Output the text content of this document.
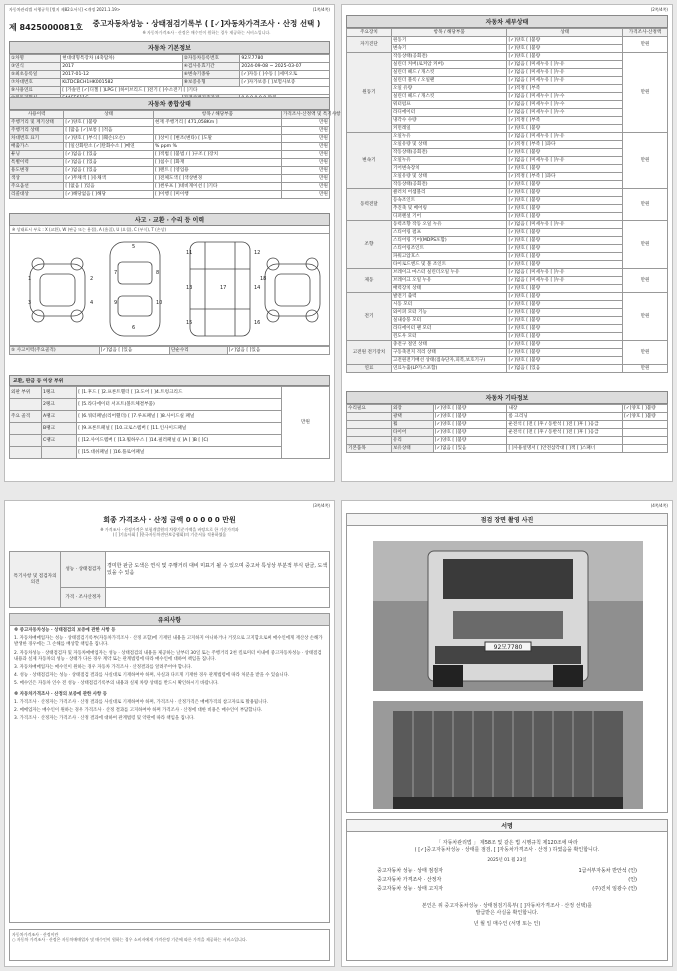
자동차관리법 시행규칙 [별지 제82호서식] <개정 2021.1.19>	(1쪽/4쪽)
제 8425000081호	중고자동차성능 · 상태점검기록부 ( [✓]자동차가격조사 · 산정 선택 )
※ 자동차가격조사 · 산정은 매수인이 원하는 경우 제공하는 서비스입니다.
자동차 기본정보
①차명	현대대형특장차 (4축탑차)	②자동차등록번호	92모7780
③연식	2017	④검사유효기간	2024-09-08 ~ 2025-03-07
⑤최초등록일	2017-01-12	⑥변속기종류	[✓]자동 [ ]수동 [ ]세미오토
⑦차대번호	KLTDCBCH1HK001582	⑧보증유형	[✓]자가보증 [ ]보험사보증
⑨사용연료	[ ]가솔린 [✓]디젤 [ ]LPG [ ]하이브리드 [ ]전기 [ ]수소전기 [ ]기타		

자동차 종합상태
사용이력	상태	항목 / 해당부품	가격조사·산정액 및 특기사항
주행거리 및 계기상태	[✓]양호 [ ]불량	현재 주행거리 [ 471,058Km ]	만원
주행거리 상태	[ ]많음 [✓]보통 [ ]적음		만원
차대번호 표기	[✓]양호 [ ]부식 [ ]훼손(오손)	[ ]상이 [ ]변조(변타) [ ]도말	만원
배출가스	[ ]일산화탄소 [✓]탄화수소 [ ]매연	% ppm %	만원
튜닝	[✓]없음 [ ]있음	[ ]적법 [ ]불법 / [ ]구조 [ ]장치	만원
특별이력	[✓]없음 [ ]있음	[ ]침수 [ ]화재	만원
용도변경	[✓]없음 [ ]있음	[ ]렌트 [ ]영업용	만원
색상	[✓]무채색 [ ]유채색	[ ]전체도색 [ ]색상변경	만원
주요옵션	[ ]없음 [ ]있음	[ ]썬루프 [ ]네비게이션 [ ]기타	만원
리콜대상	[✓]해당없음 [ ]해당	[ ]이행 [ ]미이행	만원
사고 · 교환 · 수리 등 이력
※ 상태표시 부호 : X (교환), W (판금 또는 용접), A (흠집), U (요철), C (부식), T (손상)
1	2
3	4
5
6
7	8
9	10
11	12
13	14
15	16
17
18
⑤ 사고이력(주요골격)	[✓]없음 [ ]있음	단순수리	[✓]없음 [ ]있음
교환, 판금 등 이상 부위
외판 부위	1랭크	[ ]1.후드 [ ]2.프론트휀더 [ ]3.도어 [ ]4.트렁크리드	만원
	2랭크	[ ]5.라디에이터 서포트(볼트체결부품)	
주요 골격	A랭크	[ ]6.쿼터패널(리어휀더) [ ]7.루프패널 [ ]8.사이드실 패널	
	B랭크	[ ]9.프론트패널 [ ]10.크로스멤버 [ ]11.인사이드패널	
	C랭크	[ ]12.사이드멤버 [ ]13.휠하우스 [ ]14.필러패널 ([ ]A [ ]B [ ]C)	
		[ ]15.대쉬패널 [ ]16.플로어패널	
(2쪽/4쪽)
자동차 세부상태
주요장치	항목 / 해당부품	상태	가격조사·산정액
자기진단	원동기	[✓]양호 [ ]불량	만원
	변속기	[✓]양호 [ ]불량	
원동기	작동상태(공회전)	[✓]양호 [ ]불량	만원
	실린더 커버(로커암 커버)	[✓]없음 [ ]미세누유 [ ]누유	
	실린더 헤드 / 개스킷	[✓]없음 [ ]미세누유 [ ]누유	
	실린더 블록 / 오일팬	[✓]없음 [ ]미세누유 [ ]누유	
	오일 유량	[✓]적정 [ ]부족	
	실린더 헤드 / 개스킷	[✓]없음 [ ]미세누수 [ ]누수	
	워터펌프	[✓]없음 [ ]미세누수 [ ]누수	
	라디에이터	[✓]없음 [ ]미세누수 [ ]누수	
	냉각수 수량	[✓]적정 [ ]부족	
	커먼레일	[✓]양호 [ ]불량	
변속기	오일누유	[✓]없음 [ ]미세누유 [ ]누유	만원
	오일유량 및 상태	[✓]적정 [ ]부족 [ ]과다	
	작동상태(공회전)	[✓]양호 [ ]불량	
	오일누유	[✓]없음 [ ]미세누유 [ ]누유	
	기어변속장치	[✓]양호 [ ]불량	
	오일유량 및 상태	[✓]적정 [ ]부족 [ ]과다	
	작동상태(공회전)	[✓]양호 [ ]불량	
동력전달	클러치 어셈블리	[✓]양호 [ ]불량	만원
	등속조인트	[✓]양호 [ ]불량	
	추진축 및 베어링	[✓]양호 [ ]불량	
	디퍼렌셜 기어	[✓]양호 [ ]불량	
조향	동력조향 작동 오일 누유	[✓]없음 [ ]미세누유 [ ]누유	만원
	스티어링 펌프	[✓]양호 [ ]불량	
	스티어링 기어(MDPS포함)	[✓]양호 [ ]불량	
	스티어링조인트	[✓]양호 [ ]불량	
	파워고압호스	[✓]양호 [ ]불량	
	타이로드엔드 및 볼 조인트	[✓]양호 [ ]불량	
제동	브레이크 마스터 실린더오일 누유	[✓]없음 [ ]미세누유 [ ]누유	만원
	브레이크 오일 누유	[✓]없음 [ ]미세누유 [ ]누유	
	배력장치 상태	[✓]양호 [ ]불량	
전기	발전기 출력	[✓]양호 [ ]불량	만원
	시동 모터	[✓]양호 [ ]불량	
	와이퍼 모터 기능	[✓]양호 [ ]불량	
	실내송풍 모터	[✓]양호 [ ]불량	
	라디에이터 팬 모터	[✓]양호 [ ]불량	
	윈도우 모터	[✓]양호 [ ]불량	
고전원 전기장치	충전구 절연 상태	[✓]양호 [ ]불량	만원
	구동축전지 격리 상태	[✓]양호 [ ]불량	
	고전원전기배선 상태(접속단자,피복,보호기구)	[✓]양호 [ ]불량	
연료	연료누출(LP가스포함)	[✓]없음 [ ]있음	만원
자동차 기타정보
수리필요	외장	[✓]양호 [ ]불량	내장	[✓]양호 [ ]불량
	광택	[✓]양호 [ ]불량	룸 크리닝	[✓]양호 [ ]불량
	휠	[✓]양호 [ ]불량	운전석 [ ]전 [ ]후 / 동반석 [ ]전 [ ]후 [ ]응급	
	타이어	[✓]양호 [ ]불량	운전석 [ ]전 [ ]후 / 동반석 [ ]전 [ ]후 [ ]응급	
	유리	[✓]양호 [ ]불량		
기본품목	보유상태	[✓]없음 [ ]있음	[ ]사용설명서 [ ]안전삼각대 [ ]잭 [ ]스패너	
(3쪽/4쪽)
회종 가격조사 · 산정 금액 0 0 0 0 0 만원
※ 가격조사 · 산정가격은 보험개발원의 차량기준가액을 바탕으로 한 기준가격과
( [ ]기술사회 [ ]한국자동차진단보증협회)의 기준서를 적용하였음
특기사항 및 점검자의 의견	성능 · 상태점검자	경미한 판금 도색은 연식 및 주행거리 대비 미표기 될 수 있으며 중고차 특성상 부분적 부식 판금, 도색 있을 수 있음
	가격 · 조사산정자	
유의사항
※ 중고자동차성능 · 상태점검의 보증에 관한 사항 등
1. 자동차매매업자는 성능 · 상태점검기록부(자동차가격조사 · 산정 포함)에 기재된 내용을 고지하지 아니하거나 거짓으로 고지함으로써 매수인에게 재산상 손해가 발생한 경우에는 그 손해를 배상할 책임을 집니다.
2. 자동차성능 · 상태점검자 및 자동차매매업자는 성능 · 상태점검의 내용을 제공하는 날부터 30일 또는 주행거리 2천 킬로미터 이내에 중고자동차성능 · 상태점검 내용과 실제 자동차의 성능 · 상태가 다른 경우 계약 또는 관계법령에 따라 매수인에 대하여 책임을 집니다.
3. 자동차매매업자는 매수인이 원하는 경우 자동차 가격조사 · 산정결과를 알려주어야 합니다.
4. 성능 · 상태점검자는 성능 · 상태점검 결과를 사실대로 기재하여야 하며, 사실과 다르게 기재한 경우 관계법령에 따라 처분을 받을 수 있습니다.
5. 매수인은 자동차 인수 전 성능 · 상태점검기록부의 내용과 실제 차량 상태를 반드시 확인하시기 바랍니다.
※ 자동차가격조사 · 산정의 보증에 관한 사항 등
1. 가격조사 · 산정자는 가격조사 · 산정 결과를 사실대로 기재하여야 하며, 가격조사 · 산정가격은 매매가격의 참고자료로 활용됩니다.
2. 매매업자는 매수인이 원하는 경우 가격조사 · 산정 결과를 고지하여야 하며 가격조사 · 산정에 대한 비용은 매수인이 부담합니다.
3. 가격조사 · 산정자는 가격조사 · 산정 결과에 대하여 관계법령 및 약관에 따라 책임을 집니다.
자동차가격조사 · 산정이란
○ 자동차 가격조사 · 산정은 자동차매매업자 및 매수인이 원하는 경우 소비자에게 가격산정 기준에 따른 가격을 제공하는 서비스입니다.
(4쪽/4쪽)
점검 장면 촬영 사진
92모7780
서명
「 자동차관리법 」 제58조 및 같은 법 시행규칙 제120조에 따라
( [✓]중고자동차성능 · 상태를 점검, [ ]자동차가격조사 · 산정 ) 하였음을 확인합니다.
2025년 01 월 23일
중고자동차 성능 · 상태 점검자	1급서부자동차 반안석 (인)
중고자동차 가격조사 · 산정자	(인)
중고자동차 성능 · 상태 고지자	(주)진치 임광수 (인)
본인은 위 중고자동차성능 · 상태점검기록부( [ ]자동차가격조사 · 산정 선택)를
발급받은 사실을 확인합니다.
년 월 일 매수인 (서명 또는 인)
